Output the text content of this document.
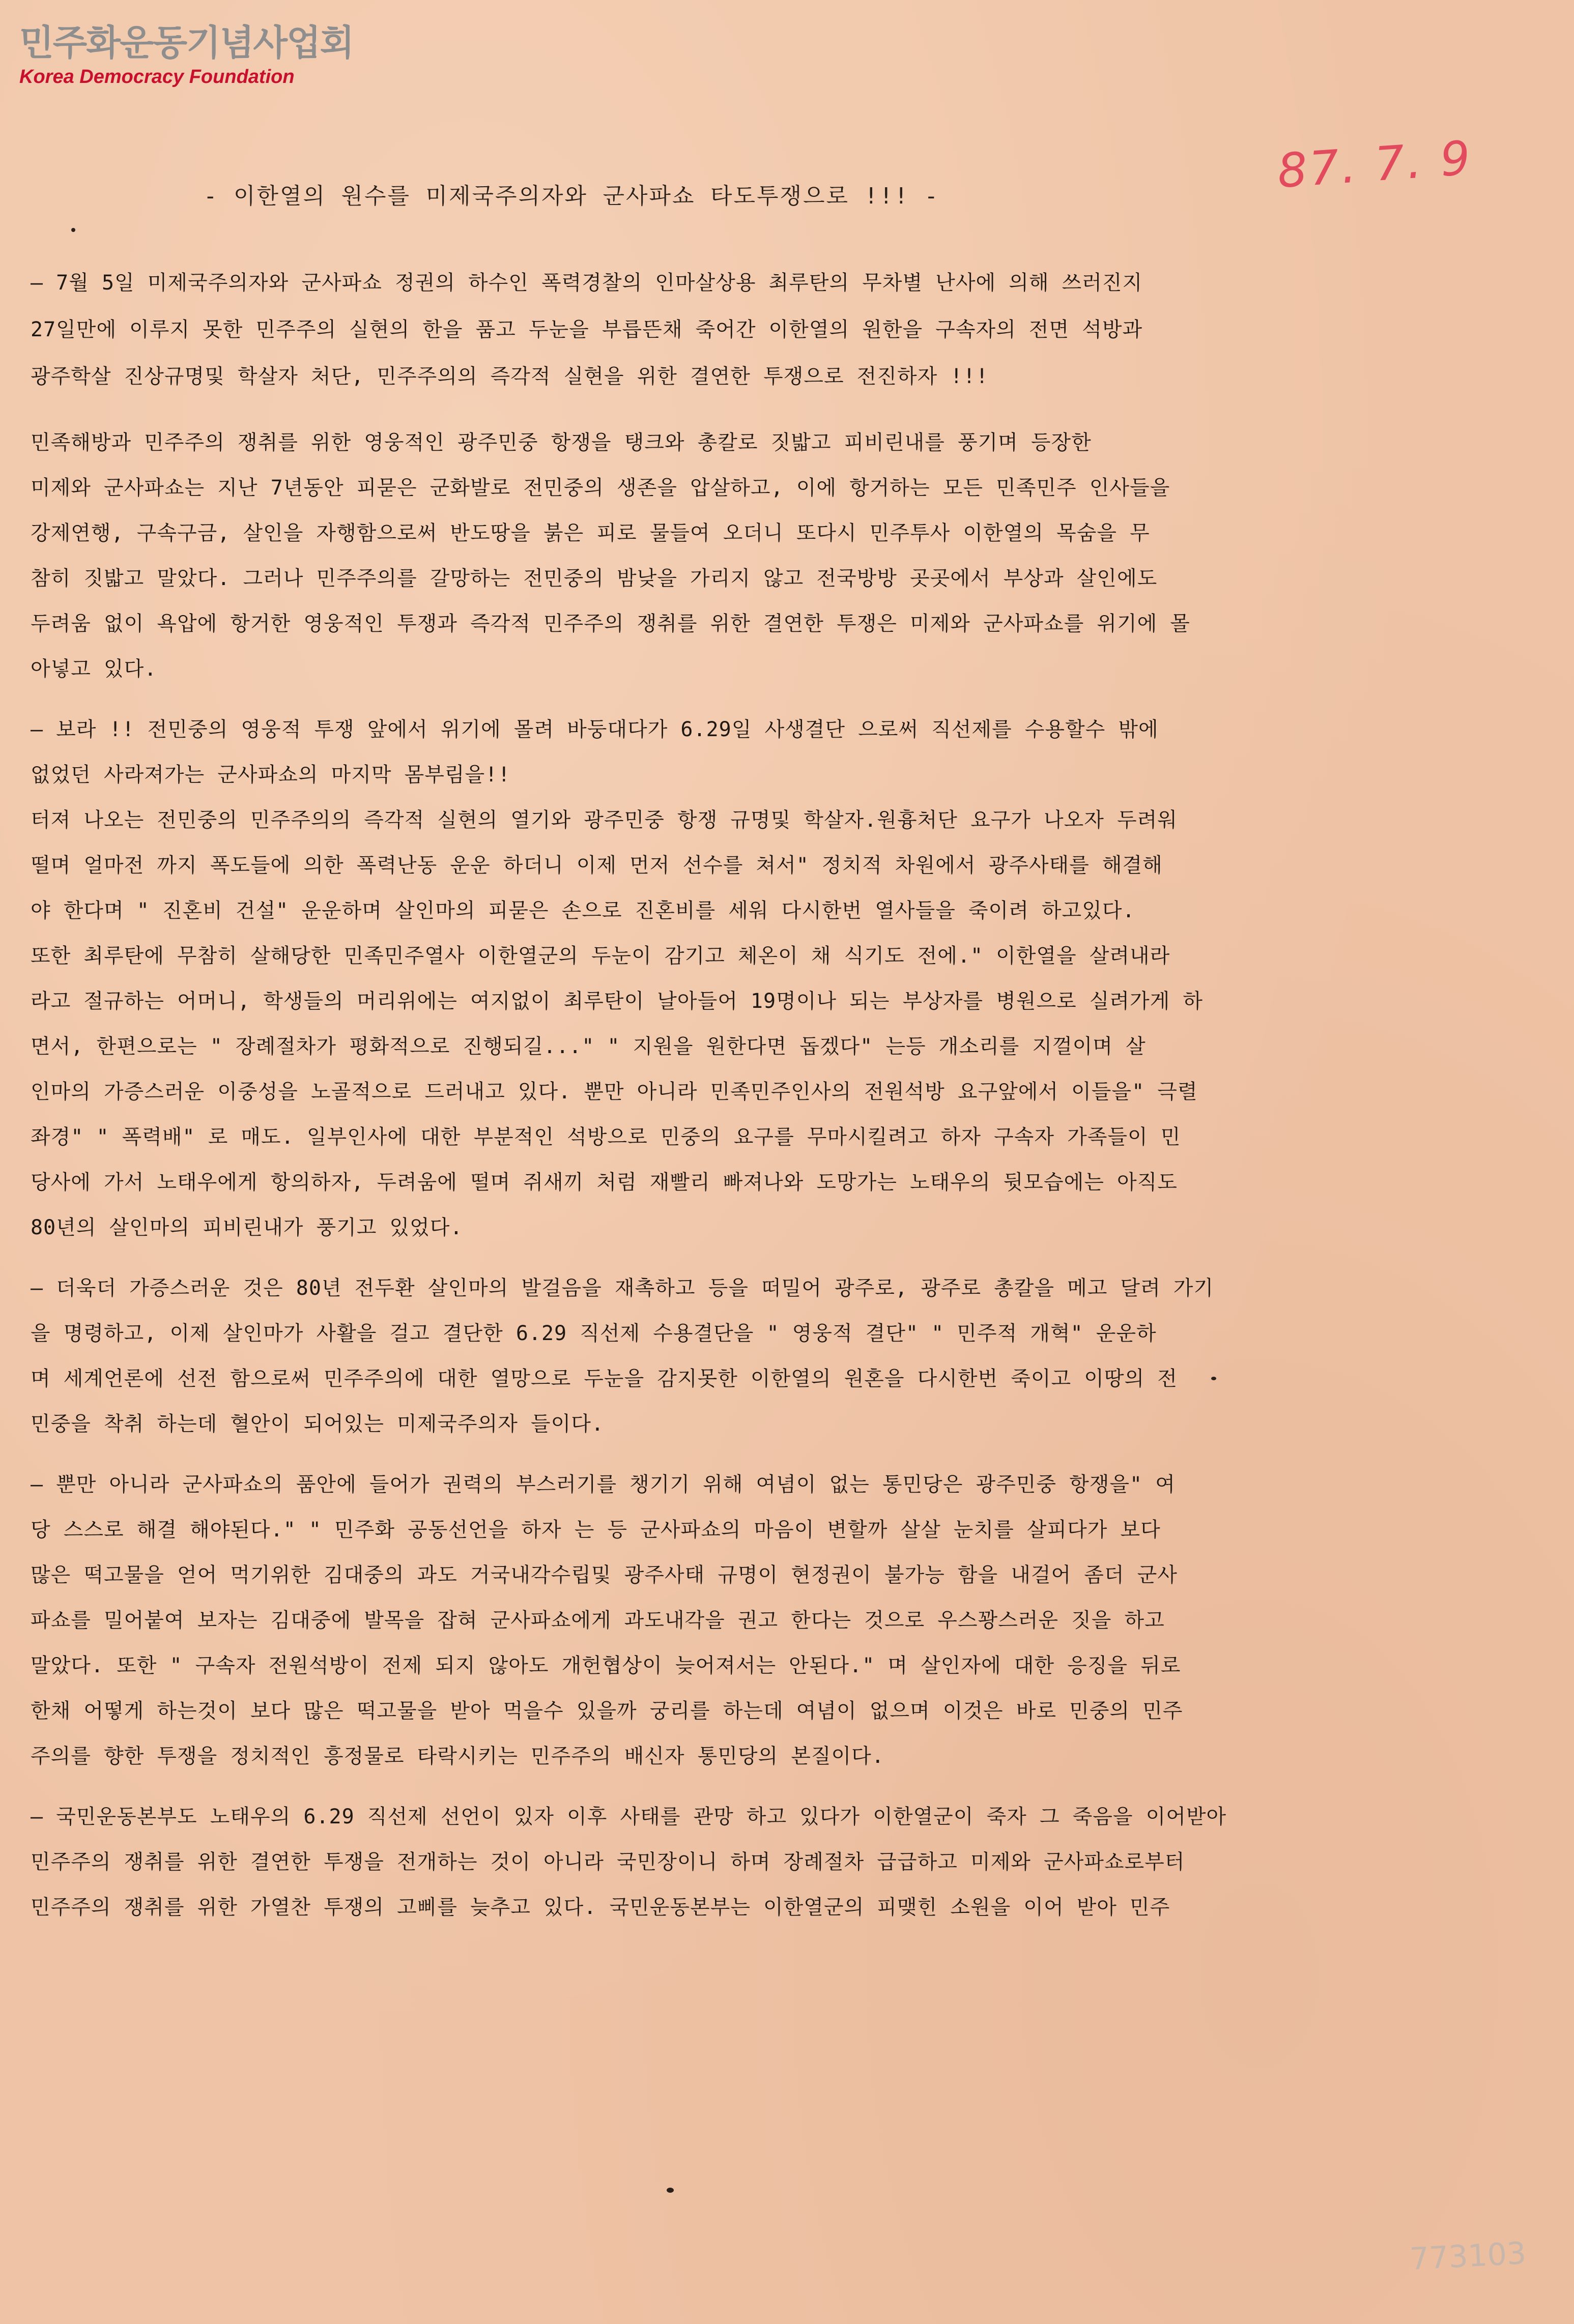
민주화운동기념사업회
Korea Democracy Foundation
87. 7. 9
- 이한열의 원수를 미제국주의자와 군사파쇼 타도투쟁으로 !!! -

— 7월 5일 미제국주의자와 군사파쇼 정권의 하수인 폭력경찰의 인마살상용 최루탄의 무차별 난사에 의해 쓰러진지
27일만에 이루지 못한 민주주의 실현의 한을 품고 두눈을 부릅뜬채 죽어간 이한열의 원한을 구속자의 전면 석방과
광주학살 진상규명및 학살자 처단, 민주주의의 즉각적 실현을 위한 결연한 투쟁으로 전진하자 !!!

민족해방과 민주주의 쟁취를 위한 영웅적인 광주민중 항쟁을 탱크와 총칼로 짓밟고 피비린내를 풍기며 등장한
미제와 군사파쇼는 지난 7년동안 피묻은 군화발로 전민중의 생존을 압살하고, 이에 항거하는 모든 민족민주 인사들을
강제연행, 구속구금, 살인을 자행함으로써 반도땅을 붉은 피로 물들여 오더니 또다시 민주투사 이한열의 목숨을 무
참히 짓밟고 말았다. 그러나 민주주의를 갈망하는 전민중의 밤낮을 가리지 않고 전국방방 곳곳에서 부상과 살인에도
두려움 없이 욕압에 항거한 영웅적인 투쟁과 즉각적 민주주의 쟁취를 위한 결연한 투쟁은 미제와 군사파쇼를 위기에 몰
아넣고 있다.

— 보라 !! 전민중의 영웅적 투쟁 앞에서 위기에 몰려 바둥대다가 6.29일 사생결단 으로써 직선제를 수용할수 밖에
없었던 사라져가는 군사파쇼의 마지막 몸부림을!!
터져 나오는 전민중의 민주주의의 즉각적 실현의 열기와 광주민중 항쟁 규명및 학살자.원흉처단 요구가 나오자 두려워
떨며 얼마전 까지 폭도들에 의한 폭력난동 운운 하더니 이제 먼저 선수를 쳐서" 정치적 차원에서 광주사태를 해결해
야 한다며 " 진혼비 건설" 운운하며 살인마의 피묻은 손으로 진혼비를 세워 다시한번 열사들을 죽이려 하고있다.
또한 최루탄에 무참히 살해당한 민족민주열사 이한열군의 두눈이 감기고 체온이 채 식기도 전에." 이한열을 살려내라
라고 절규하는 어머니, 학생들의 머리위에는 여지없이 최루탄이 날아들어 19명이나 되는 부상자를 병원으로 실려가게 하
면서, 한편으로는 " 장례절차가 평화적으로 진행되길..." " 지원을 원한다면 돕겠다" 는등 개소리를 지껄이며 살
인마의 가증스러운 이중성을 노골적으로 드러내고 있다. 뿐만 아니라 민족민주인사의 전원석방 요구앞에서 이들을" 극렬
좌경" " 폭력배" 로 매도. 일부인사에 대한 부분적인 석방으로 민중의 요구를 무마시킬려고 하자 구속자 가족들이 민
당사에 가서 노태우에게 항의하자, 두려움에 떨며 쥐새끼 처럼 재빨리 빠져나와 도망가는 노태우의 뒷모습에는 아직도
80년의 살인마의 피비린내가 풍기고 있었다.

— 더욱더 가증스러운 것은 80년 전두환 살인마의 발걸음을 재촉하고 등을 떠밀어 광주로, 광주로 총칼을 메고 달려 가기
을 명령하고, 이제 살인마가 사활을 걸고 결단한 6.29 직선제 수용결단을 " 영웅적 결단" " 민주적 개혁" 운운하
며 세계언론에 선전 함으로써 민주주의에 대한 열망으로 두눈을 감지못한 이한열의 원혼을 다시한번 죽이고 이땅의 전
민중을 착취 하는데 혈안이 되어있는 미제국주의자 들이다.

— 뿐만 아니라 군사파쇼의 품안에 들어가 권력의 부스러기를 챙기기 위해 여념이 없는 통민당은 광주민중 항쟁을" 여
당 스스로 해결 해야된다." " 민주화 공동선언을 하자 는 등 군사파쇼의 마음이 변할까 살살 눈치를 살피다가 보다
많은 떡고물을 얻어 먹기위한 김대중의 과도 거국내각수립및 광주사태 규명이 현정권이 불가능 함을 내걸어 좀더 군사
파쇼를 밀어붙여 보자는 김대중에 발목을 잡혀 군사파쇼에게 과도내각을 권고 한다는 것으로 우스꽝스러운 짓을 하고
말았다. 또한 " 구속자 전원석방이 전제 되지 않아도 개헌협상이 늦어져서는 안된다." 며 살인자에 대한 응징을 뒤로
한채 어떻게 하는것이 보다 많은 떡고물을 받아 먹을수 있을까 궁리를 하는데 여념이 없으며 이것은 바로 민중의 민주
주의를 향한 투쟁을 정치적인 흥정물로 타락시키는 민주주의 배신자 통민당의 본질이다.

— 국민운동본부도 노태우의 6.29 직선제 선언이 있자 이후 사태를 관망 하고 있다가 이한열군이 죽자 그 죽음을 이어받아
민주주의 쟁취를 위한 결연한 투쟁을 전개하는 것이 아니라 국민장이니 하며 장례절차 급급하고 미제와 군사파쇼로부터
민주주의 쟁취를 위한 가열찬 투쟁의 고삐를 늦추고 있다. 국민운동본부는 이한열군의 피맺힌 소원을 이어 받아 민주

773103
